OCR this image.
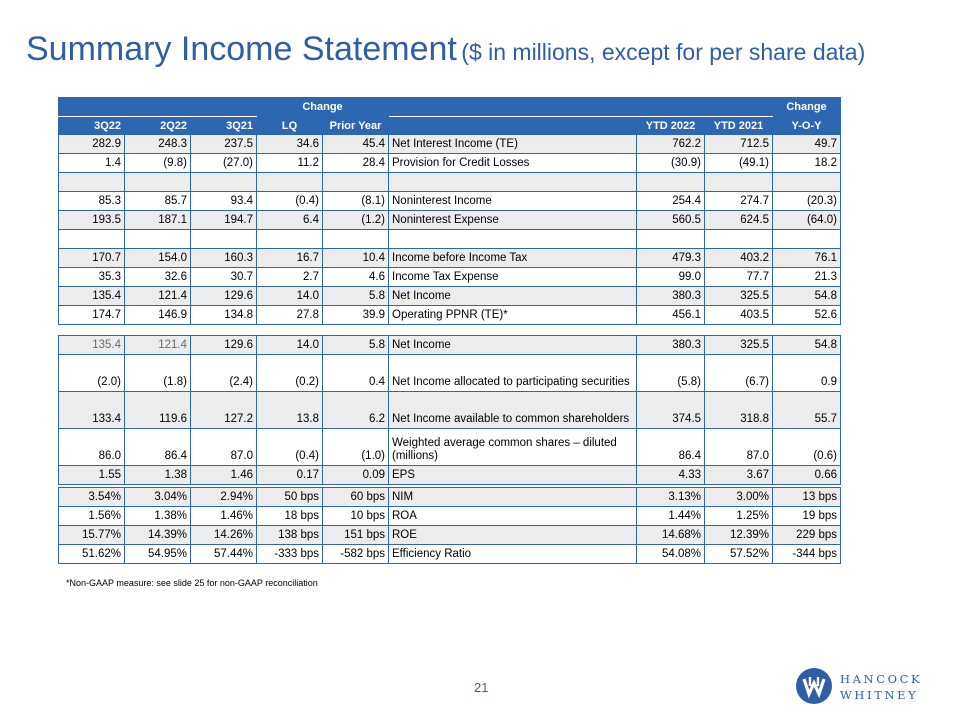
Summary Income Statement ($ in millions, except for per share data)
			Change					Change
3Q22	2Q22	3Q21	LQ	Prior Year		YTD 2022	YTD 2021	Y-O-Y
282.9	248.3	237.5	34.6	45.4	Net Interest Income (TE)	762.2	712.5	49.7
1.4	(9.8)	(27.0)	11.2	28.4	Provision for Credit Losses	(30.9)	(49.1)	18.2

85.3	85.7	93.4	(0.4)	(8.1)	Noninterest Income	254.4	274.7	(20.3)
193.5	187.1	194.7	6.4	(1.2)	Noninterest Expense	560.5	624.5	(64.0)

170.7	154.0	160.3	16.7	10.4	Income before Income Tax	479.3	403.2	76.1
35.3	32.6	30.7	2.7	4.6	Income Tax Expense	99.0	77.7	21.3
135.4	121.4	129.6	14.0	5.8	Net Income	380.3	325.5	54.8
174.7	146.9	134.8	27.8	39.9	Operating PPNR (TE)*	456.1	403.5	52.6
135.4	121.4	129.6	14.0	5.8	Net Income	380.3	325.5	54.8
(2.0)	(1.8)	(2.4)	(0.2)	0.4	Net Income allocated to participating securities	(5.8)	(6.7)	0.9
133.4	119.6	127.2	13.8	6.2	Net Income available to common shareholders	374.5	318.8	55.7
86.0	86.4	87.0	(0.4)	(1.0)	Weighted average common shares – diluted (millions)	86.4	87.0	(0.6)
1.55	1.38	1.46	0.17	0.09	EPS	4.33	3.67	0.66
3.54%	3.04%	2.94%	50 bps	60 bps	NIM	3.13%	3.00%	13 bps
1.56%	1.38%	1.46%	18 bps	10 bps	ROA	1.44%	1.25%	19 bps
15.77%	14.39%	14.26%	138 bps	151 bps	ROE	14.68%	12.39%	229 bps
51.62%	54.95%	57.44%	-333 bps	-582 bps	Efficiency Ratio	54.08%	57.52%	-344 bps
*Non-GAAP measure: see slide 25 for non-GAAP reconciliation
21
HANCOCK
WHITNEY
